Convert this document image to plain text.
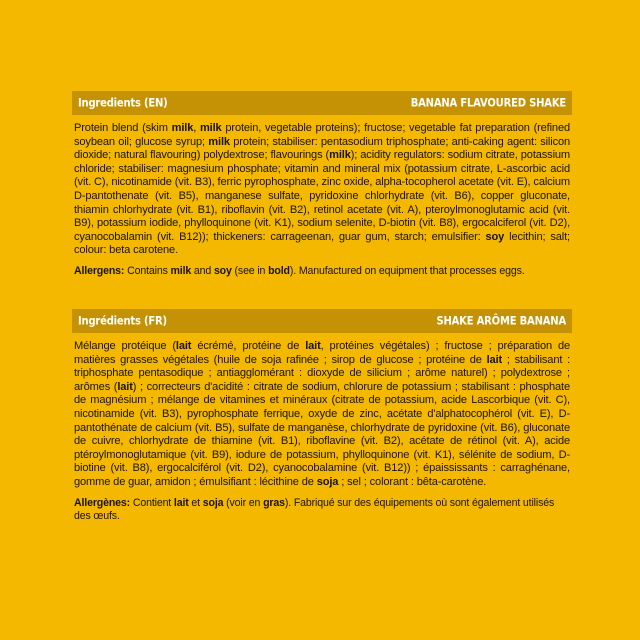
Ingredients (EN)	BANANA FLAVOURED SHAKE
Protein blend (skim milk, milk protein, vegetable proteins); fructose; vegetable fat preparation (refined soybean oil; glucose syrup; milk protein; stabiliser: pentasodium triphosphate; anti-caking agent: silicon dioxide; natural flavouring) polydextrose; flavourings (milk); acidity regulators: sodium citrate, potassium chloride; stabiliser: magnesium phosphate; vitamin and mineral mix (potassium citrate, L-ascorbic acid (vit. C), nicotinamide (vit. B3), ferric pyrophosphate, zinc oxide, alpha-tocopherol acetate (vit. E), calcium D-pantothenate (vit. B5), manganese sulfate, pyridoxine chlorhydrate (vit. B6), copper gluconate, thiamin chlorhydrate (vit. B1), riboflavin (vit. B2), retinol acetate (vit. A), pteroylmonoglutamic acid (vit. B9), potassium iodide, phylloquinone (vit. K1), sodium selenite, D-biotin (vit. B8), ergocalciferol (vit. D2), cyanocobalamin (vit. B12)); thickeners: carrageenan, guar gum, starch; emulsifier: soy lecithin; salt; colour: beta carotene.
Allergens: Contains milk and soy (see in bold). Manufactured on equipment that processes eggs.
Ingrédients (FR)	SHAKE ARÔME BANANA
Mélange protéique (lait écrémé, protéine de lait, protéines végétales) ; fructose ; préparation de matières grasses végétales (huile de soja rafinée ; sirop de glucose ; protéine de lait ; stabilisant : triphosphate pentasodique ; antiagglomérant : dioxyde de silicium ; arôme naturel) ; polydextrose ; arômes (lait) ; correcteurs d'acidité : citrate de sodium, chlorure de potassium ; stabilisant : phosphate de magnésium ; mélange de vitamines et minéraux (citrate de potassium, acide Lascorbique (vit. C), nicotinamide (vit. B3), pyrophosphate ferrique, oxyde de zinc, acétate d'alphatocophérol (vit. E), D-pantothénate de calcium (vit. B5), sulfate de manganèse, chlorhydrate de pyridoxine (vit. B6), gluconate de cuivre, chlorhydrate de thiamine (vit. B1), riboflavine (vit. B2), acétate de rétinol (vit. A), acide ptéroylmonoglutamique (vit. B9), iodure de potassium, phylloquinone (vit. K1), sélénite de sodium, D-biotine (vit. B8), ergocalciférol (vit. D2), cyanocobalamine (vit. B12)) ; épaississants : carraghénane, gomme de guar, amidon ; émulsifiant : lécithine de soja ; sel ; colorant : bêta-carotène.
Allergènes: Contient lait et soja (voir en gras). Fabriqué sur des équipements où sont également utilisés des œufs.
